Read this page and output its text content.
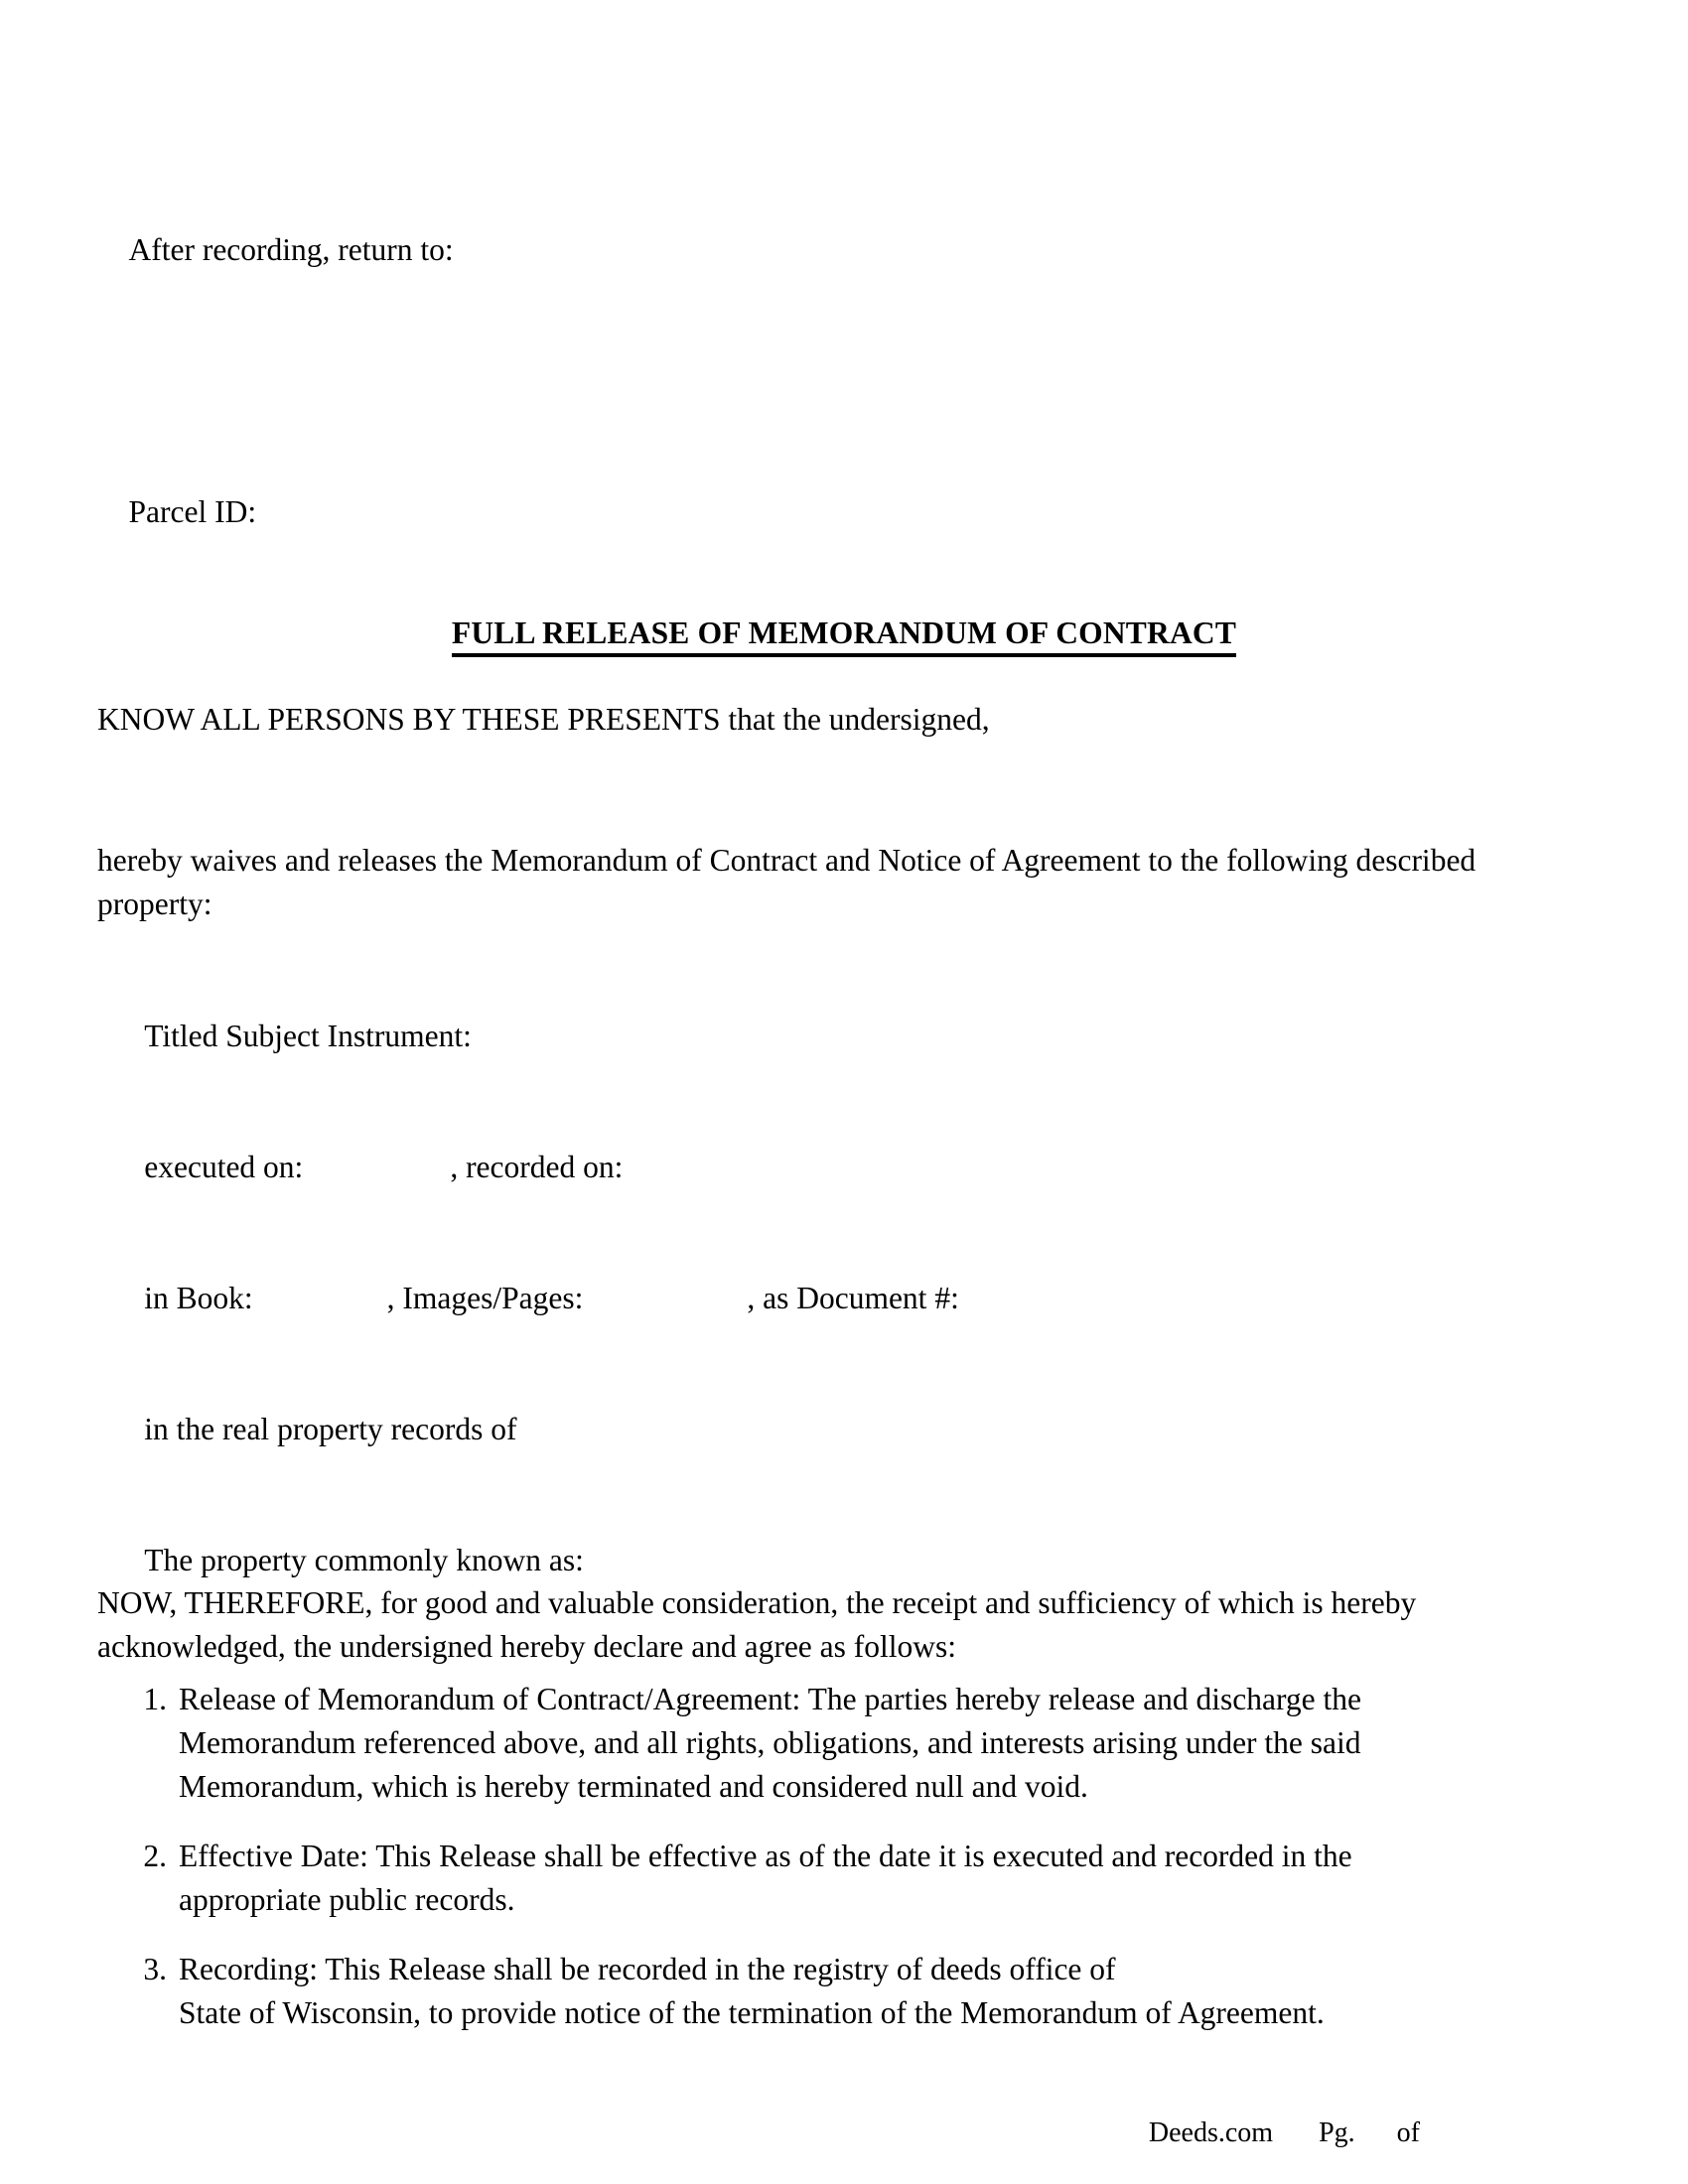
After recording, return to:

Parcel ID:

FULL RELEASE OF MEMORANDUM OF CONTRACT
KNOW ALL PERSONS BY THESE PRESENTS that the undersigned,
hereby waives and releases the Memorandum of Contract and Notice of Agreement to the following described
property:

Titled Subject Instrument:

executed on:	, recorded on:

in Book:	, Images/Pages:	, as Document #:

in the real property records of

The property commonly known as:

NOW, THEREFORE, for good and valuable consideration, the receipt and sufficiency of which is hereby
acknowledged, the undersigned hereby declare and agree as follows:
1. Release of Memorandum of Contract/Agreement: The parties hereby release and discharge the
Memorandum referenced above, and all rights, obligations, and interests arising under the said
Memorandum, which is hereby terminated and considered null and void.
2. Effective Date: This Release shall be effective as of the date it is executed and recorded in the
appropriate public records.
3. Recording: This Release shall be recorded in the registry of deeds office of
State of Wisconsin, to provide notice of the termination of the Memorandum of Agreement.

Deeds.com Pg. of
